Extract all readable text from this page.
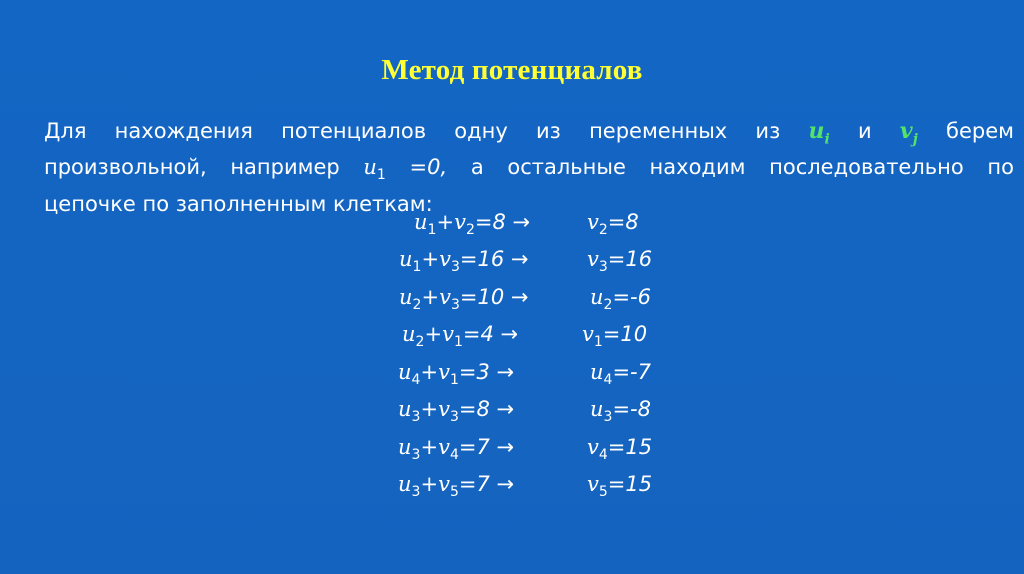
Метод потенциалов
Для нахождения потенциалов одну из переменных из $u_i$ и $v_j$ берем
произвольной, например $u_1 =0$, а остальные находим последовательно по
цепочке по заполненным клеткам:
$u_1+v_2=8$ →	$v_2=8$
$u_1+v_3=16$ →	$v_3=16$
$u_2+v_3=10$ →	$u_2=-6$
$u_2+v_1=4$ →	$v_1=10$
$u_4+v_1=3$ →	$u_4=-7$
$u_3+v_3=8$ →	$u_3=-8$
$u_3+v_4=7$ →	$v_4=15$
$u_3+v_5=7$ →	$v_5=15$
